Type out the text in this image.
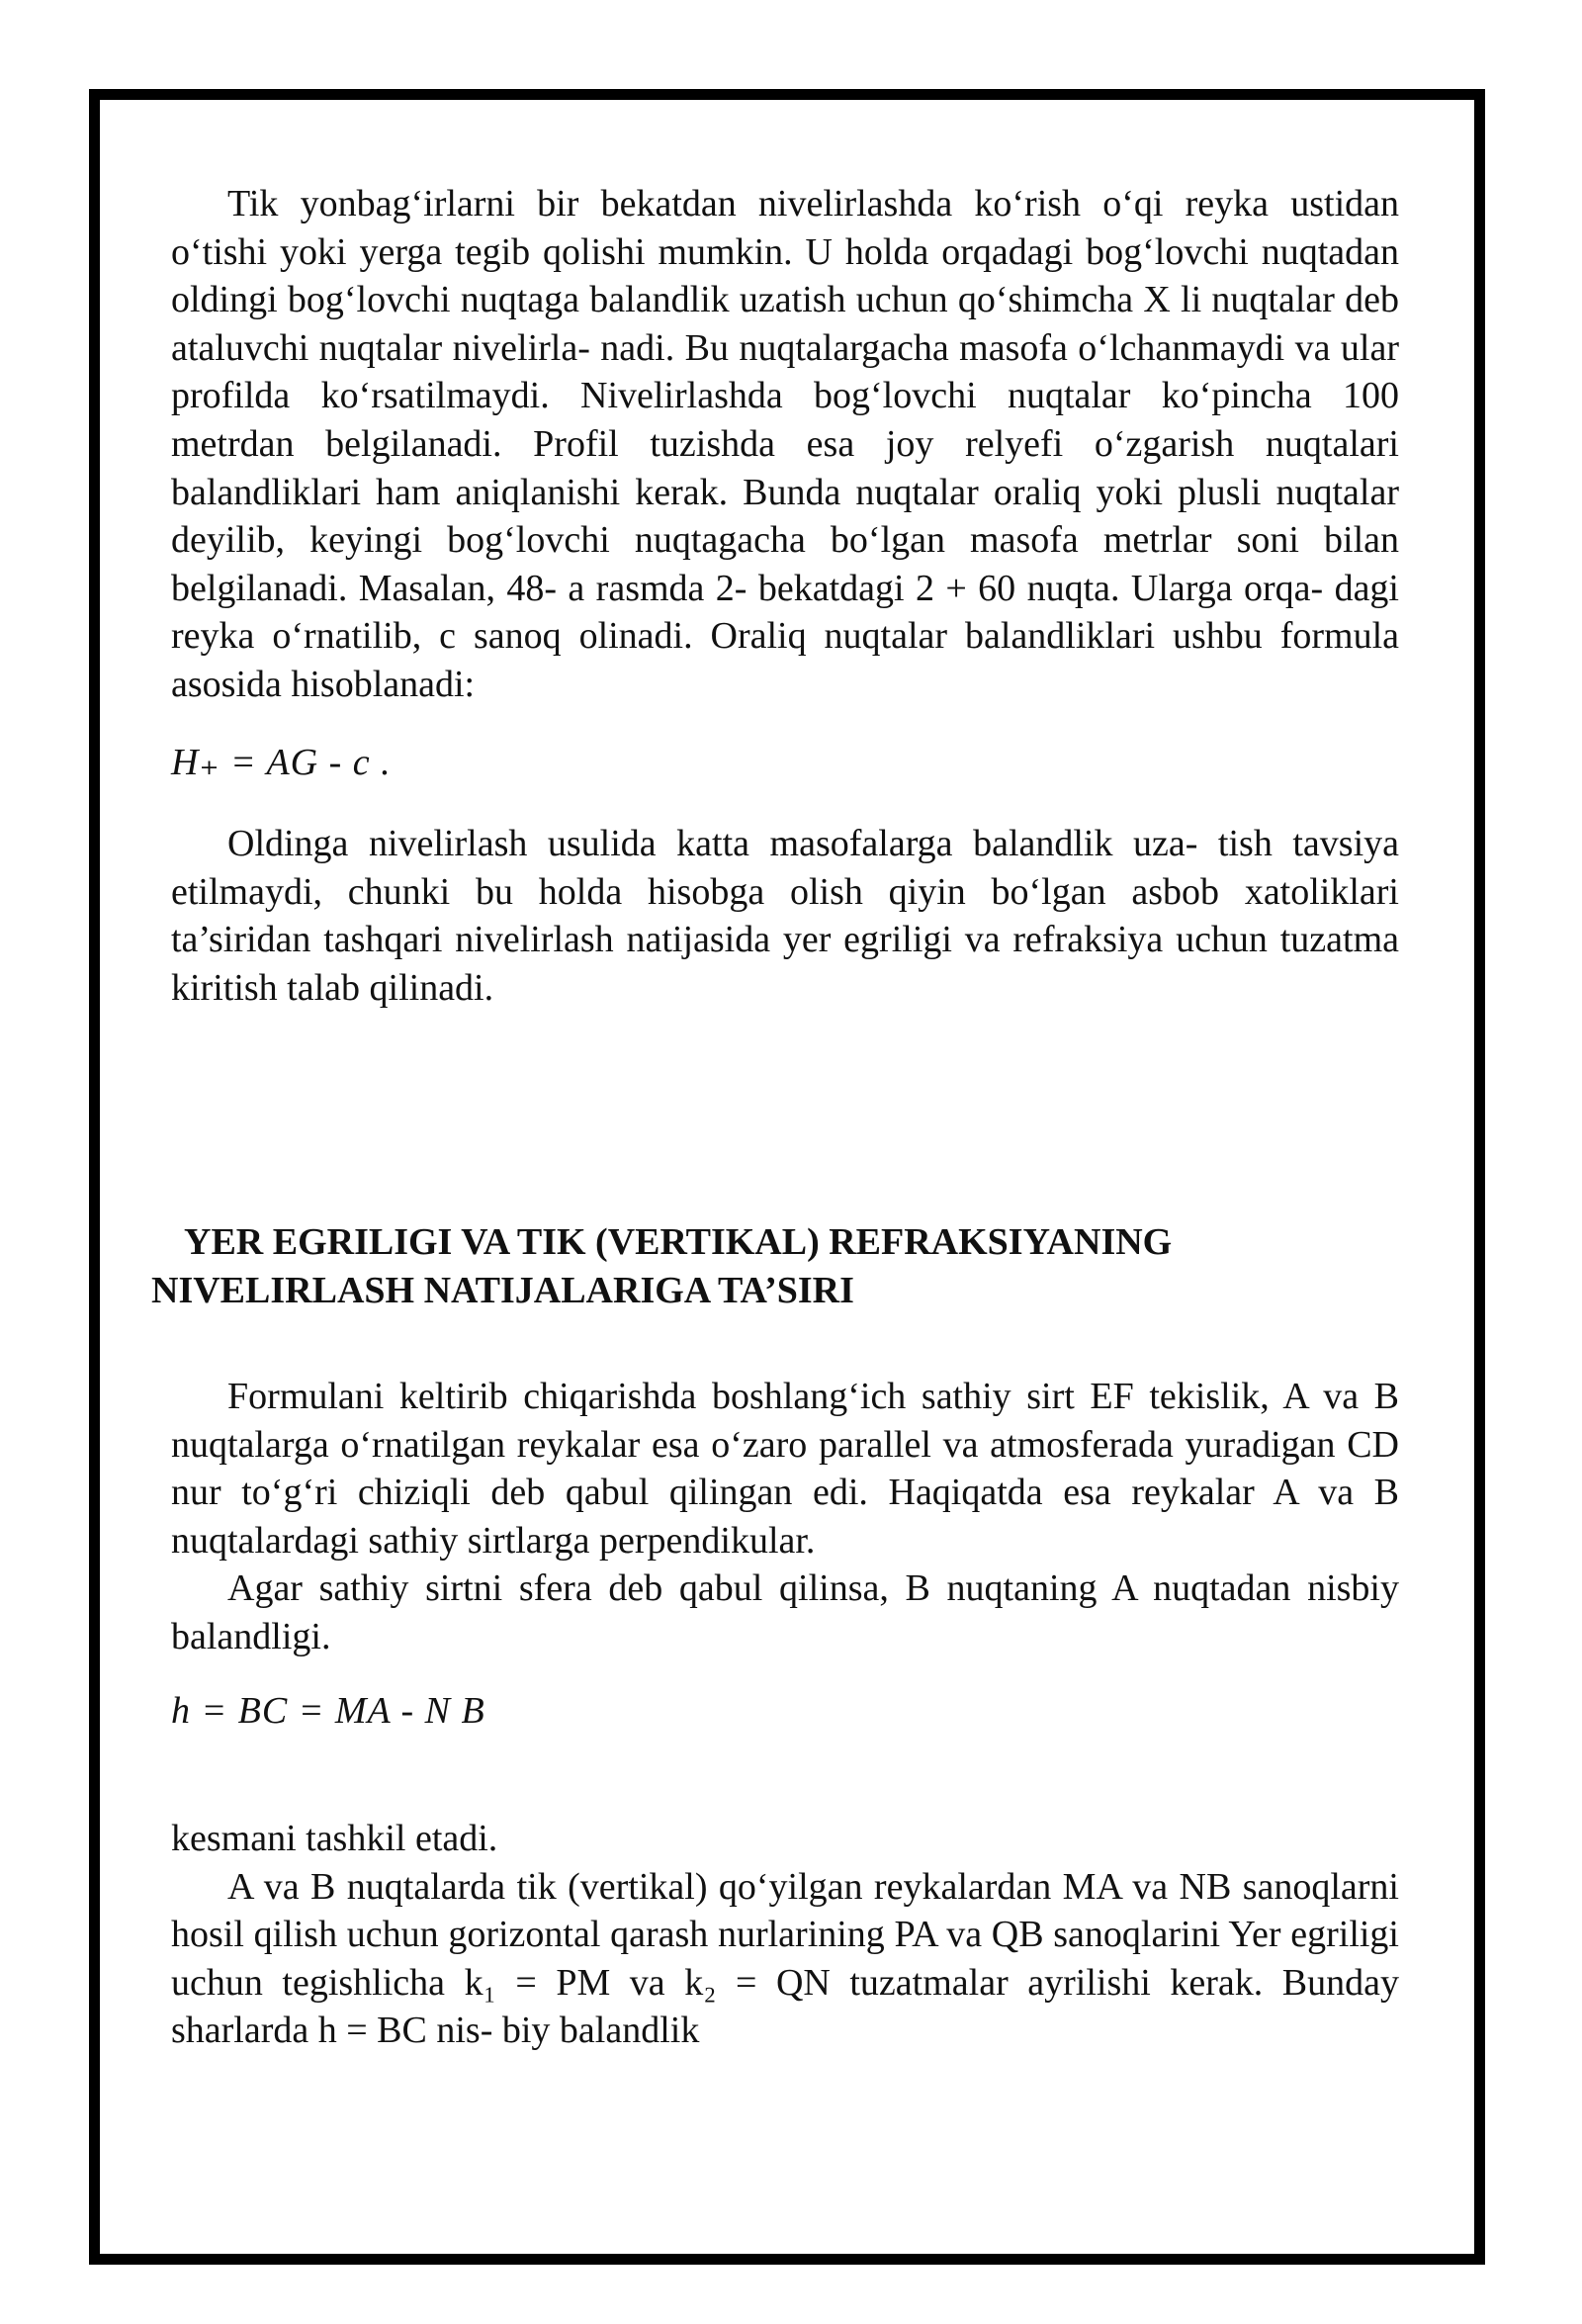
Tik yonbag‘irlarni bir bekatdan nivelirlashda ko‘rish o‘qi reyka ustidan o‘tishi yoki yerga tegib qolishi mumkin. U holda orqadagi bog‘lovchi nuqtadan oldingi bog‘lovchi nuqtaga balandlik uzatish uchun qo‘shimcha X li nuqtalar deb ataluvchi nuqtalar nivelirla- nadi. Bu nuqtalargacha masofa o‘lchanmaydi va ular profilda ko‘rsatilmaydi. Nivelirlashda bog‘lovchi nuqtalar ko‘pincha 100 metrdan belgilanadi. Profil tuzishda esa joy relyefi o‘zgarish nuqtalari balandliklari ham aniqlanishi kerak. Bunda nuqtalar oraliq yoki plusli nuqtalar deyilib, keyingi bog‘lovchi nuqtagacha bo‘lgan masofa metrlar soni bilan belgilanadi. Masalan, 48- a rasmda 2- bekatdagi 2 + 60 nuqta. Ularga orqa- dagi reyka o‘rnatilib, c sanoq olinadi. Oraliq nuqtalar balandliklari ushbu formula asosida hisoblanadi:

H₊ = AG - c .

Oldinga nivelirlash usulida katta masofalarga balandlik uza- tish tavsiya etilmaydi, chunki bu holda hisobga olish qiyin bo‘lgan asbob xatoliklari ta’siridan tashqari nivelirlash natijasida yer egriligi va refraksiya uchun tuzatma kiritish talab qilinadi.

YER EGRILIGI VA TIK (VERTIKAL) REFRAKSIYANING
NIVELIRLASH NATIJALARIGA TA’SIRI

Formulani keltirib chiqarishda boshlang‘ich sathiy sirt EF tekislik, A va B nuqtalarga o‘rnatilgan reykalar esa o‘zaro parallel va atmosferada yuradigan CD nur to‘g‘ri chiziqli deb qabul qilingan edi. Haqiqatda esa reykalar A va B nuqtalardagi sathiy sirtlarga perpendikular.

Agar sathiy sirtni sfera deb qabul qilinsa, B nuqtaning A nuqtadan nisbiy balandligi.

h = BC = MA - N B

kesmani tashkil etadi.

A va B nuqtalarda tik (vertikal) qo‘yilgan reykalardan MA va NB sanoqlarni hosil qilish uchun gorizontal qarash nurlarining PA va QB sanoqlarini Yer egriligi uchun tegishlicha k₁ = PM va k₂ = QN tuzatmalar ayrilishi kerak. Bunday sharlarda h = BC nis- biy balandlik
